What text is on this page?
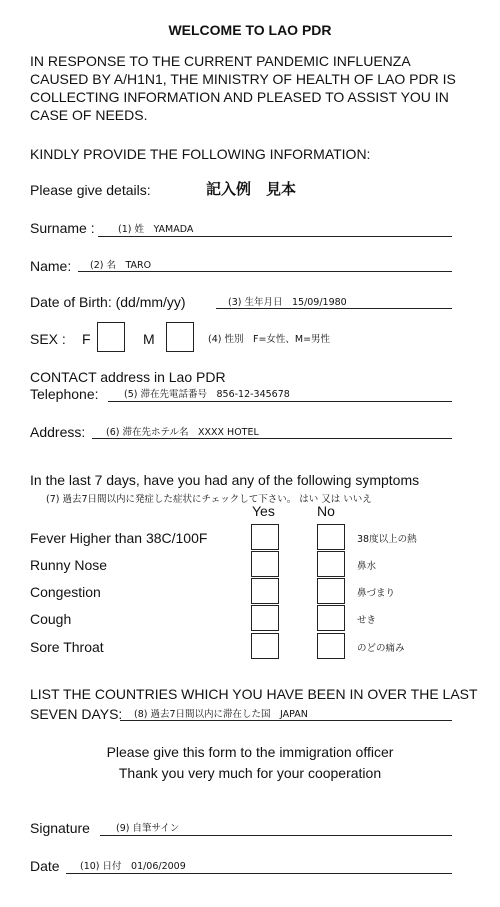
WELCOME TO LAO PDR
IN RESPONSE TO THE CURRENT PANDEMIC INFLUENZA
CAUSED BY A/H1N1, THE MINISTRY OF HEALTH OF LAO PDR IS
COLLECTING INFORMATION AND PLEASED TO ASSIST YOU IN
CASE OF NEEDS.
KINDLY PROVIDE THE FOLLOWING INFORMATION:
Please give details:	記入例　見本
Surname : (1) 姓　YAMADA
Name: (2) 名　TARO
Date of Birth: (dd/mm/yy)	(3) 生年月日　15/09/1980
SEX : F	M	(4) 性別　F=女性、M=男性
CONTACT address in Lao PDR
Telephone:	(5) 滞在先電話番号　856-12-345678
Address: (6) 滞在先ホテル名　XXXX HOTEL
In the last 7 days, have you had any of the following symptoms
(7) 過去7日間以内に発症した症状にチェックして下さい。 はい 又は いいえ
Yes	No
Fever Higher than 38C/100F	38度以上の熱
Runny Nose	鼻水
Congestion	鼻づまり
Cough	せき
Sore Throat	のどの痛み
LIST THE COUNTRIES WHICH YOU HAVE BEEN IN OVER THE LAST
SEVEN DAYS: (8) 過去7日間以内に滞在した国　JAPAN
Please give this form to the immigration officer
Thank you very much for your cooperation
Signature	(9) 自筆サイン
Date (10) 日付　01/06/2009
